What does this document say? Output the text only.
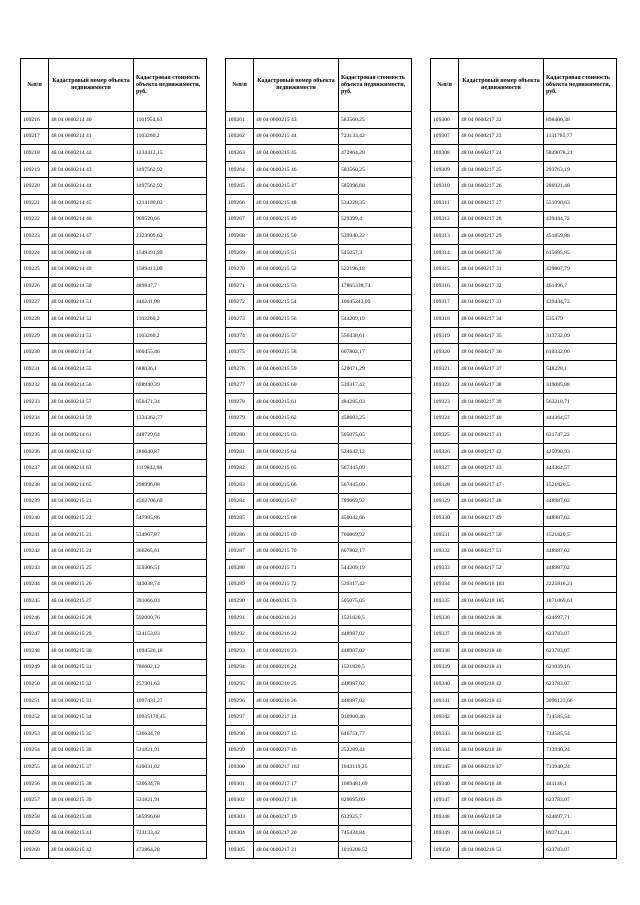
№п/п	Кадастровый номер объекта недвижимости	Кадастровая стоимость объекта недвижимости, руб.
109216	48 04 0600214 40	1161954,63
109217	48 04 0600214 41	1163260,2
109218	48 04 0600214 42	1234412,15
109219	48 04 0600214 43	1497562,92
109220	48 04 0600214 44	1497562,92
109221	48 04 0600214 45	1214180,03
109222	48 04 0600214 46	969520,66
109223	48 04 0600214 47	2323909,62
109224	48 04 0600214 48	1549391,89
109225	48 04 0600214 49	1589413,09
109226	48 04 0600214 50	489847,7
109227	48 04 0600214 51	446241,08
109228	48 04 0600214 52	1163260,2
109229	48 04 0600214 53	1163260,2
109230	48 04 0600214 54	860455,46
109231	48 04 0600214 55	688036,1
109232	48 04 0600214 56	698940,39
109233	48 04 0600214 57	850471,34
109234	48 04 0600214 59	1334362,77
109235	48 04 0600214 61	448729,64
109236	48 04 0600214 62	286640,87
109237	48 04 0600214 63	1119842,88
109238	48 04 0600214 65	298996,08
109239	48 04 0600215 21	4562706,69
109240	48 04 0600215 22	547985,86
109241	48 04 0600215 23	534907,87
109242	48 04 0600215 24	366265,61
109243	48 04 0600215 25	359306,51
109244	48 04 0600215 26	343038,74
109245	48 04 0600215 27	391066,03
109246	48 04 0600215 28	592000,76
109247	48 04 0600215 29	524153,83
109248	48 04 0600215 30	1094526,16
109249	48 04 0600215 31	786602,12
109250	48 04 0600215 32	257301,63
109251	48 04 0600215 33	1097433,27
109252	48 04 0600215 34	10935170,45
109253	48 04 0600215 35	536634,78
109254	48 04 0600215 36	531821,91
109255	48 04 0600215 37	610031,02
109256	48 04 0600215 38	536634,78
109257	48 04 0600215 39	531821,91
109258	48 04 0600215 40	585996,68
109259	48 04 0600215 41	723133,42
109260	48 04 0600215 42	472864,28
№п/п	Кадастровый номер объекта недвижимости	Кадастровая стоимость объекта недвижимости, руб.
109261	48 04 0600215 43	583560,25
109262	48 04 0600215 44	723133,42
109263	48 04 0600215 45	472864,28
109264	48 04 0600215 46	583560,25
109265	48 04 0600215 47	585996,68
109266	48 04 0600215 48	534228,35
109267	48 04 0600215 49	529399,4
109268	48 04 0600215 50	539940,22
109269	48 04 0600215 51	545057,3
109270	48 04 0600215 52	522196,18
109271	48 04 0600215 53	17865338,74
109272	48 04 0600215 54	10045243,09
109273	48 04 0600215 56	544209,19
109274	48 04 0600215 57	556438,61
109275	48 04 0600215 58	607802,17
109276	48 04 0600215 59	520071,29
109277	48 04 0600215 60	539317,42
109278	48 04 0600215 61	484285,03
109279	48 04 0600215 62	458603,25
109280	48 04 0600215 63	505075,05
109281	48 04 0600215 64	524642,12
109282	48 04 0600215 65	567445,09
109283	48 04 0600215 66	567445,09
109284	48 04 0600215 67	789669,92
109285	48 04 0600215 68	450042,66
109286	48 04 0600215 69	760869,92
109287	48 04 0600215 70	607802,17
109288	48 04 0600215 71	544209,19
109289	48 04 0600215 72	539317,42
109290	48 04 0600215 73	505075,05
109291	48 04 0600216 21	1521820,5
109292	48 04 0600216 22	448987,02
109293	48 04 0600216 23	448987,02
109294	48 04 0600216 24	1521820,5
109295	48 04 0600216 25	448987,02
109296	48 04 0600216 26	448987,02
109297	48 04 0600217 14	910900,46
109298	48 04 0600217 15	646751,77
109299	48 04 0600217 16	252289,44
109300	48 04 0600217 163	1043119,25
109301	48 04 0600217 17	1089481,69
109302	48 04 0600217 18	829695,09
109303	48 04 0600217 19	632925,7
109304	48 04 0600217 20	745434,84
109305	48 04 0600217 21	1019200,52
№п/п	Кадастровый номер объекта недвижимости	Кадастровая стоимость объекта недвижимости, руб.
109306	48 04 0600217 22	898406,38
109307	48 04 0600217 23	1131785,77
109308	48 04 0600217 24	5849078,21
109309	48 04 0600217 25	293763,19
109310	48 04 0600217 26	286921,48
109311	48 04 0600217 27	551090,63
109312	48 04 0600217 28	439444,72
109313	48 04 0600217 29	451859,88
109314	48 04 0600217 30	615685,85
109315	48 04 0600217 31	429807,79
109316	48 04 0600217 32	461496,7
109317	48 04 0600217 33	439444,72
109318	48 04 0600217 34	535379
109319	48 04 0600217 35	313732,09
109320	48 04 0600217 36	610332,06
109321	48 04 0600217 37	548228,1
109322	48 04 0600217 38	319085,88
109323	48 04 0600217 39	563218,71
109324	48 04 0600217 40	444364,57
109325	48 04 0600217 41	631747,22
109326	48 04 0600217 42	425090,93
109327	48 04 0600217 43	444364,57
109328	48 04 0600217 47	1521820,5
109329	48 04 0600217 48	448987,02
109330	48 04 0600217 49	448987,02
109331	48 04 0600217 50	1521820,5
109332	48 04 0600217 51	448987,02
109333	48 04 0600217 52	448987,02
109334	48 04 0600218 183	2225816,21
109335	48 04 0600218 185	1871069,61
109336	48 04 0600218 38	624697,71
109337	48 04 0600218 39	623783,07
109338	48 04 0600218 40	623783,07
109339	48 04 0600218 41	621039,16
109340	48 04 0600218 42	623783,07
109341	48 04 0600218 43	3096123,66
109342	48 04 0600218 44	714585,54
109343	48 04 0600218 45	714585,54
109344	48 04 0600218 46	713940,24
109345	48 04 0600218 47	713940,24
109346	48 04 0600218 48	441146,1
109347	48 04 0600218 49	623783,07
109348	48 04 0600218 50	624697,71
109349	48 04 0600218 51	893712,41
109350	48 04 0600218 52	623783,07
